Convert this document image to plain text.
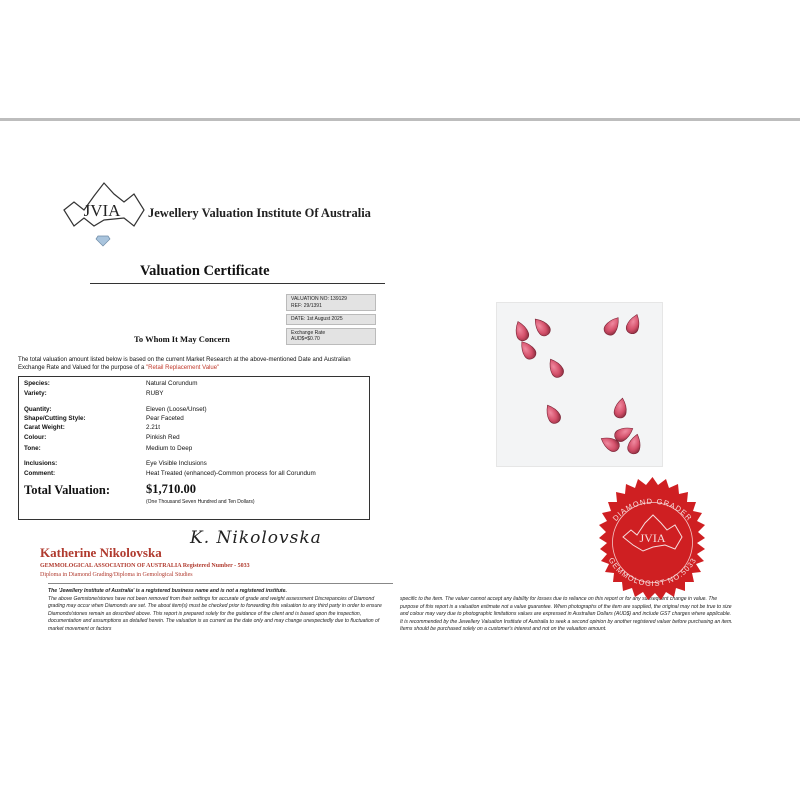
JVIA Jewellery Valuation Institute Of Australia
Valuation Certificate
VALUATION NO: 139129
REF: 29/1391
DATE: 1st August 2025
Exchange Rate
AUD$=$0.70
To Whom It May Concern
The total valuation amount listed below is based on the current Market Research at the above-mentioned Date and Australian Exchange Rate and Valued for the purpose of a "Retail Replacement Value"
Species:	Natural Corundum
Variety:	RUBY
Quantity:	Eleven (Loose/Unset)
Shape/Cutting Style:	Pear Faceted
Carat Weight:	2.21t
Colour:	Pinkish Red
Tone:	Medium to Deep
Inclusions:	Eye Visible Inclusions
Comment:	Heat Treated (enhanced)-Common process for all Corundum
Total Valuation:	$1,710.00
(One Thousand Seven Hundred and Ten Dollars)
Katherine Nikolovska
K. Nikolovska
GEMMOLOGICAL ASSOCIATION OF AUSTRALIA Registered Number - 5033
Diploma in Diamond Grading/Diploma in Gemological Studies
The 'Jewellery Institute of Australia' is a registered business name and is not a registered institute.
The above Gemstone/stones have not been removed from their settings for accurate of grade and weight assessment Discrepancies of Diamond grading may occur when Diamonds are set. The about item(s) must be checked prior to forwarding this valuation to any third party in order to ensure Diamonds/stones remain as described above. This report is prepared solely for the guidance of the client and is based upon the inspection, documentation and assumptions as detailed herein. The valuation is as current as the date only and may change unexpectedly due to fluctuation of market movement or factors
specific to the item. The valuer cannot accept any liability for losses due to reliance on this report or for any subsequent change in value. The purpose of this report is a valuation estimate not a value guarantee. When photographs of the item are supplied, the original may not be true to size and colour may vary due to photographic limitations values are expressed in Australian Dollars (AUD$) and include GST charges where applicable. It is recommended by the Jewellery Valuation Institute of Australia to seek a second opinion by another registered valuer before purchasing an item. Items should be purchased solely on a customer's interest and not on the valuation amount.
JVIA
DIAMOND GRADER
GEMMOLOGIST NO.5033
